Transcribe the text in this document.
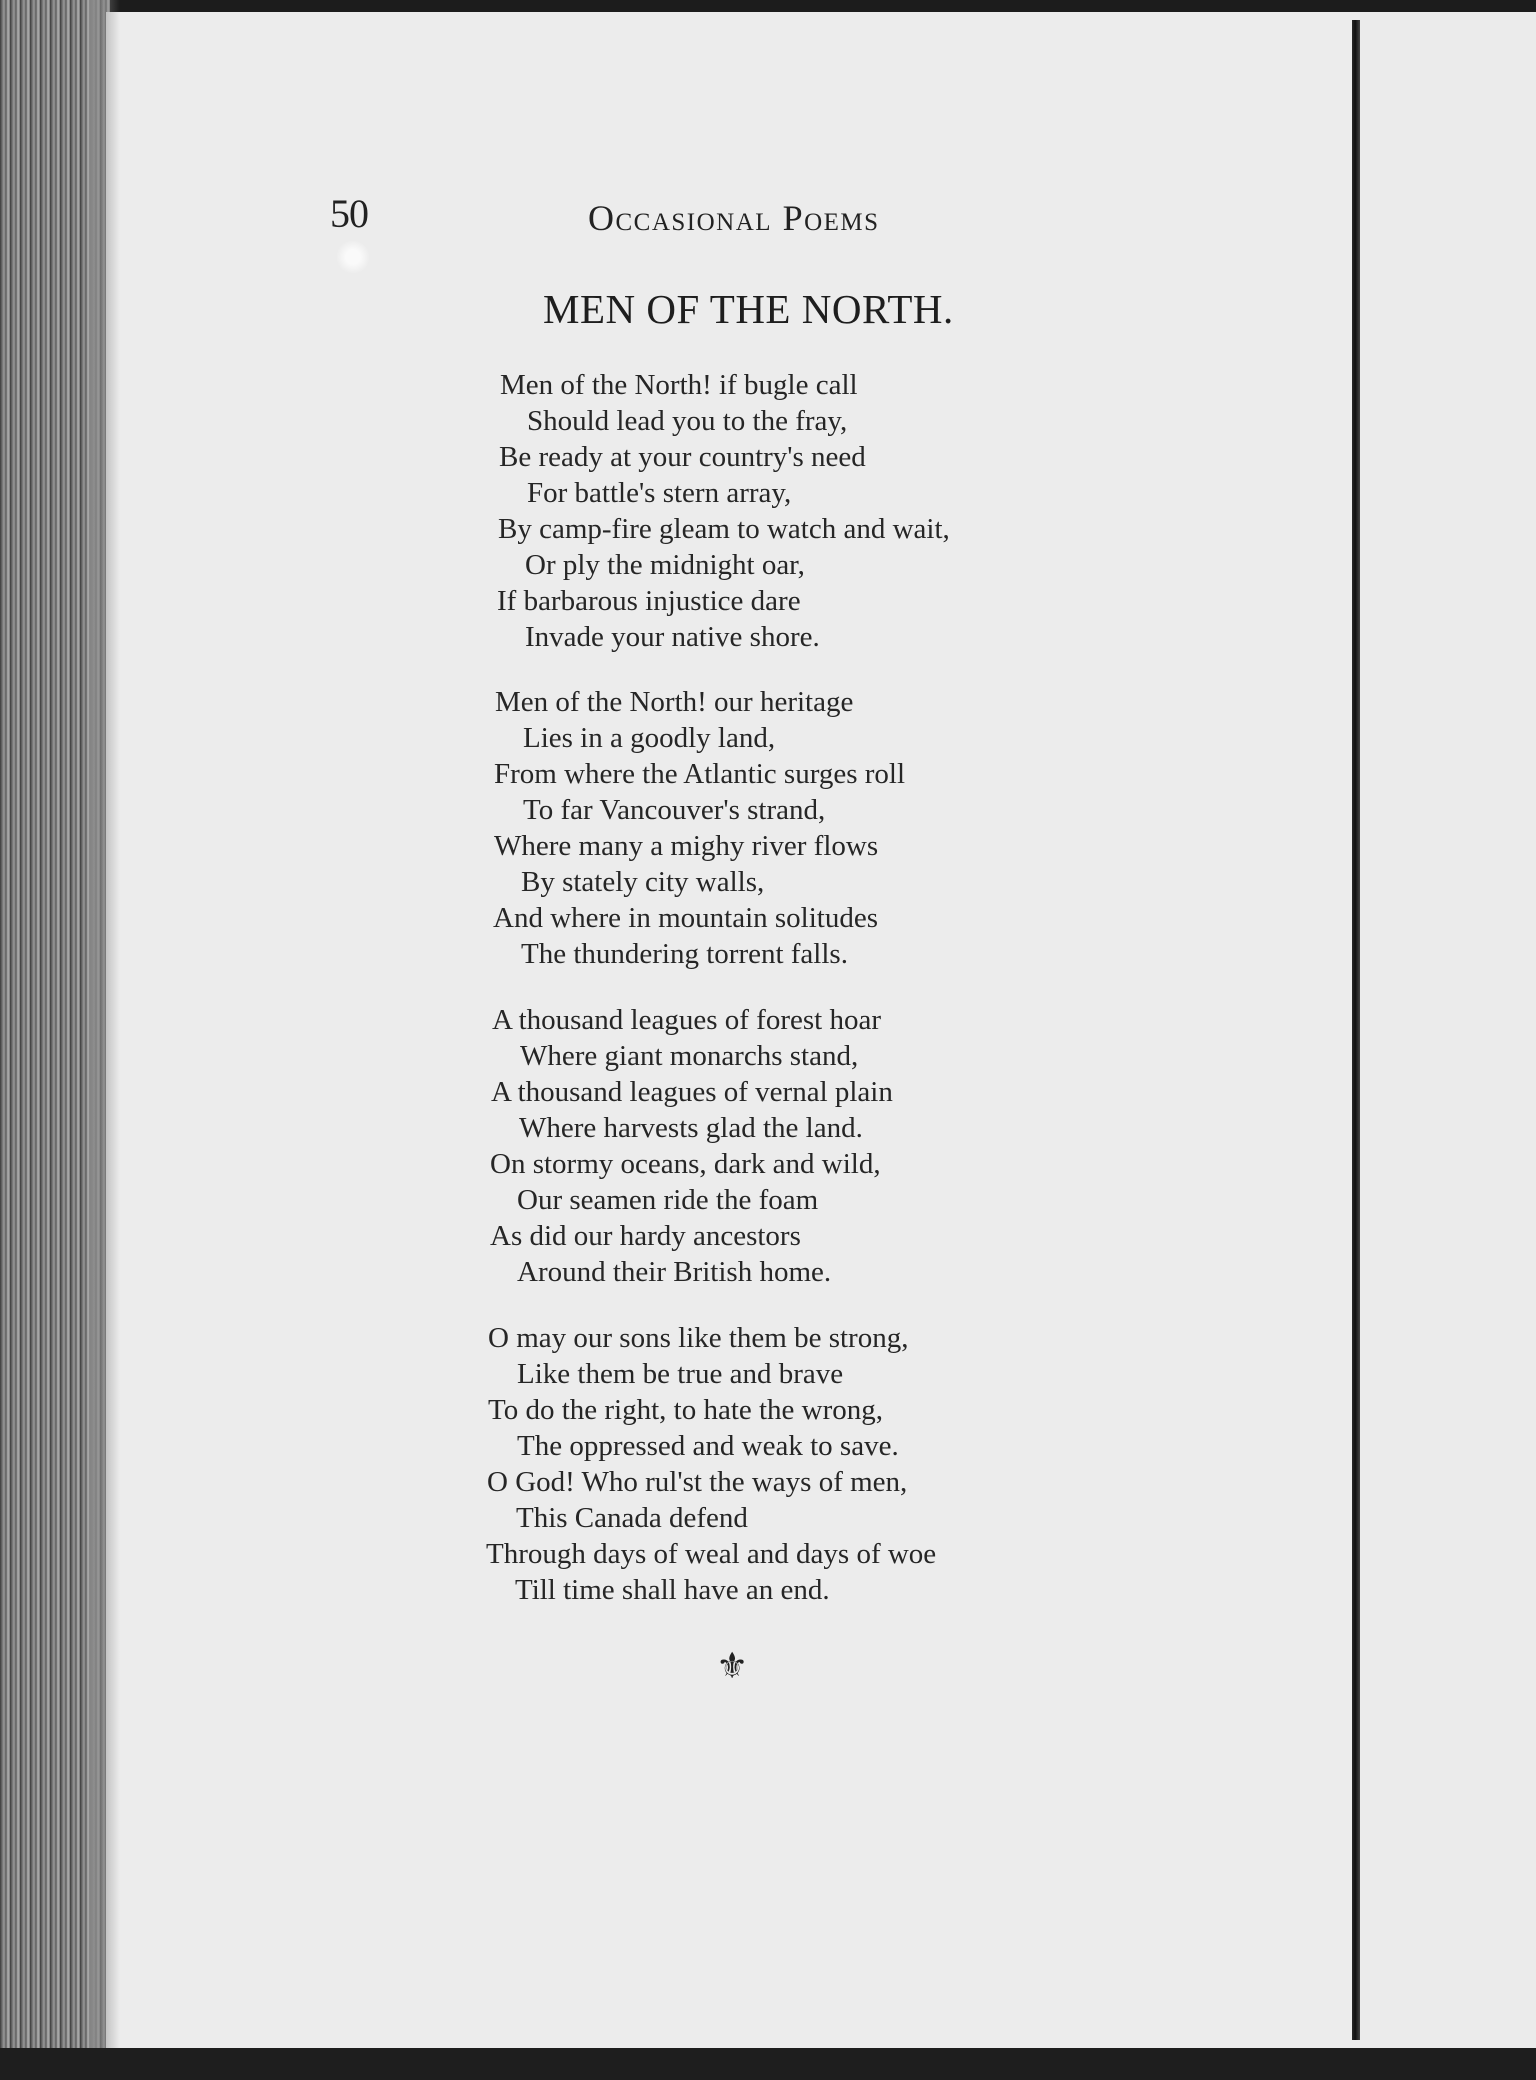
50	Occasional Poems
MEN OF THE NORTH.
Men of the North! if bugle call
Should lead you to the fray,
Be ready at your country's need
For battle's stern array,
By camp-fire gleam to watch and wait,
Or ply the midnight oar,
If barbarous injustice dare
Invade your native shore.
Men of the North! our heritage
Lies in a goodly land,
From where the Atlantic surges roll
To far Vancouver's strand,
Where many a mighy river flows
By stately city walls,
And where in mountain solitudes
The thundering torrent falls.
A thousand leagues of forest hoar
Where giant monarchs stand,
A thousand leagues of vernal plain
Where harvests glad the land.
On stormy oceans, dark and wild,
Our seamen ride the foam
As did our hardy ancestors
Around their British home.
O may our sons like them be strong,
Like them be true and brave
To do the right, to hate the wrong,
The oppressed and weak to save.
O God! Who rul'st the ways of men,
This Canada defend
Through days of weal and days of woe
Till time shall have an end.
⚜
